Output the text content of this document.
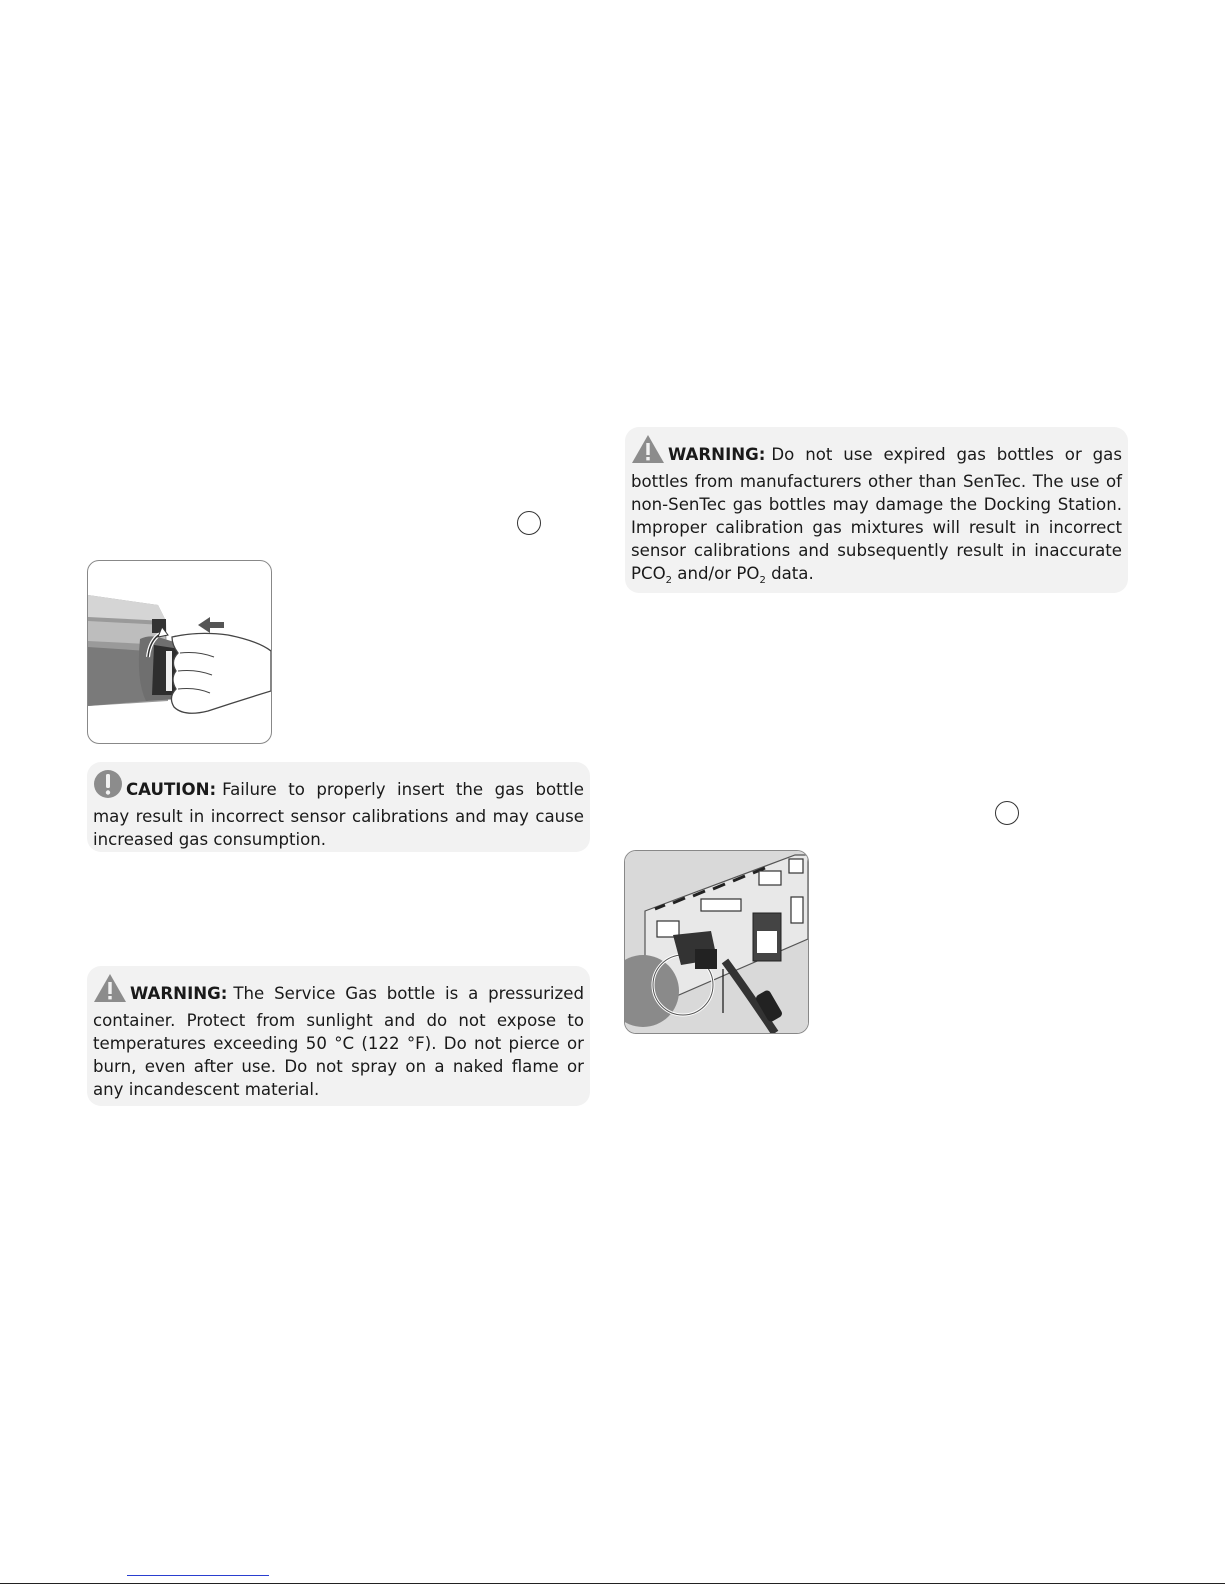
WARNING: Do not use expired gas bottles or gas bottles from manufacturers other than SenTec. The use of non-SenTec gas bottles may damage the Docking Station. Improper calibration gas mixtures will result in incorrect sensor calibrations and subsequently result in inaccurate $PCO_2$ and/or $PO_2$ data.
CAUTION: Failure to properly insert the gas bottle may result in incorrect sensor calibrations and may cause increased gas consumption.
WARNING: The Service Gas bottle is a pressurized container. Protect from sunlight and do not expose to temperatures exceeding 50 °C (122 °F). Do not pierce or burn, even after use. Do not spray on a naked flame or any incandescent material.
